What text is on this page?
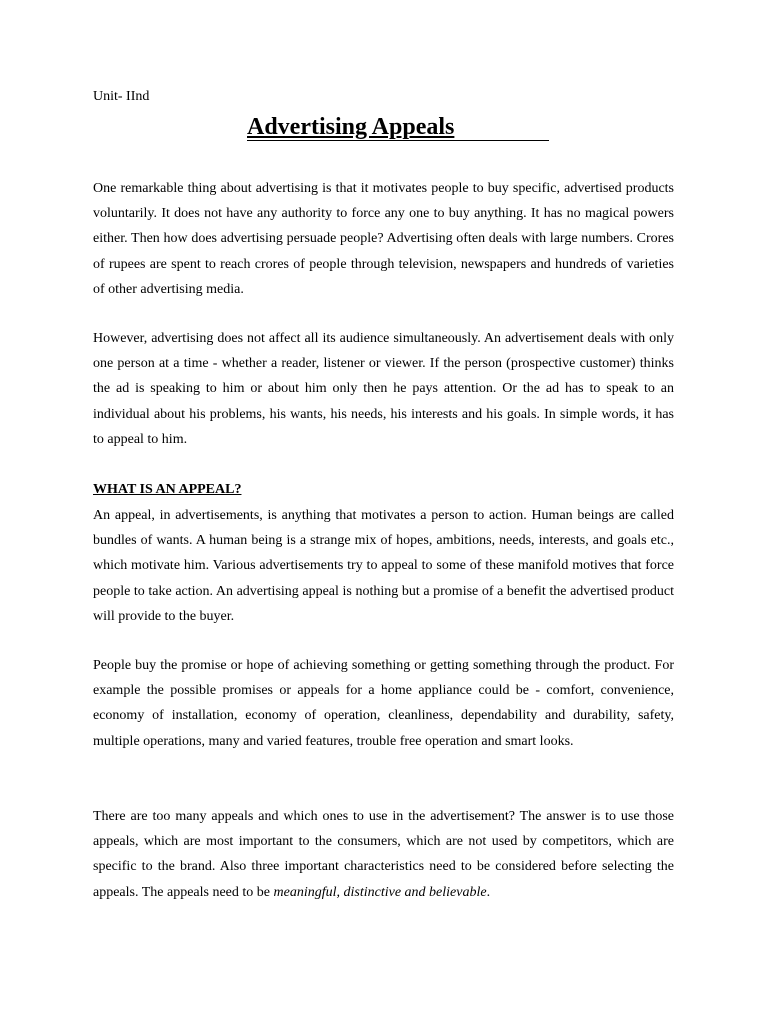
Unit- IInd
Advertising Appeals

One remarkable thing about advertising is that it motivates people to buy specific, advertised products voluntarily. It does not have any authority to force any one to buy anything. It has no magical powers either. Then how does advertising persuade people? Advertising often deals with large numbers. Crores of rupees are spent to reach crores of people through television, newspapers and hundreds of varieties of other advertising media.

However, advertising does not affect all its audience simultaneously. An advertisement deals with only one person at a time - whether a reader, listener or viewer. If the person (prospective customer) thinks the ad is speaking to him or about him only then he pays attention. Or the ad has to speak to an individual about his problems, his wants, his needs, his interests and his goals. In simple words, it has to appeal to him.

WHAT IS AN APPEAL?

An appeal, in advertisements, is anything that motivates a person to action. Human beings are called bundles of wants. A human being is a strange mix of hopes, ambitions, needs, interests, and goals etc., which motivate him. Various advertisements try to appeal to some of these manifold motives that force people to take action. An advertising appeal is nothing but a promise of a benefit the advertised product will provide to the buyer.

People buy the promise or hope of achieving something or getting something through the product. For example the possible promises or appeals for a home appliance could be - comfort, convenience, economy of installation, economy of operation, cleanliness, dependability and durability, safety, multiple operations, many and varied features, trouble free operation and smart looks.

There are too many appeals and which ones to use in the advertisement? The answer is to use those appeals, which are most important to the consumers, which are not used by competitors, which are specific to the brand. Also three important characteristics need to be considered before selecting the appeals. The appeals need to be meaningful, distinctive and believable.
